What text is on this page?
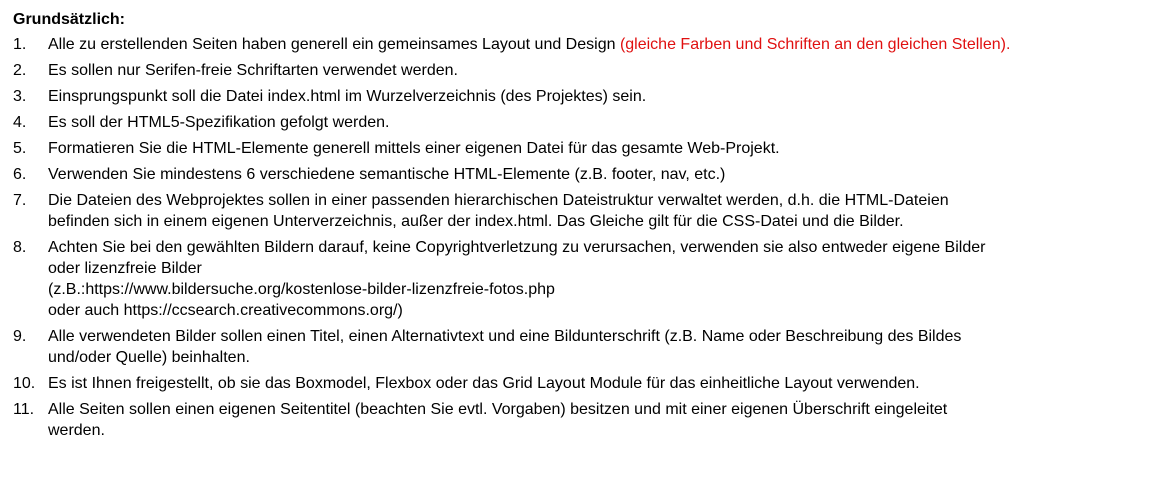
Grundsätzlich:
1. Alle zu erstellenden Seiten haben generell ein gemeinsames Layout und Design (gleiche Farben und Schriften an den gleichen Stellen).
2. Es sollen nur Serifen-freie Schriftarten verwendet werden.
3. Einsprungspunkt soll die Datei index.html im Wurzelverzeichnis (des Projektes) sein.
4. Es soll der HTML5-Spezifikation gefolgt werden.
5. Formatieren Sie die HTML-Elemente generell mittels einer eigenen Datei für das gesamte Web-Projekt.
6. Verwenden Sie mindestens 6 verschiedene semantische HTML-Elemente (z.B. footer, nav, etc.)
7. Die Dateien des Webprojektes sollen in einer passenden hierarchischen Dateistruktur verwaltet werden, d.h. die HTML-Dateien
befinden sich in einem eigenen Unterverzeichnis, außer der index.html. Das Gleiche gilt für die CSS-Datei und die Bilder.
8. Achten Sie bei den gewählten Bildern darauf, keine Copyrightverletzung zu verursachen, verwenden sie also entweder eigene Bilder
oder lizenzfreie Bilder
(z.B.:https://www.bildersuche.org/kostenlose-bilder-lizenzfreie-fotos.php
oder auch https://ccsearch.creativecommons.org/)
9. Alle verwendeten Bilder sollen einen Titel, einen Alternativtext und eine Bildunterschrift (z.B. Name oder Beschreibung des Bildes
und/oder Quelle) beinhalten.
10. Es ist Ihnen freigestellt, ob sie das Boxmodel, Flexbox oder das Grid Layout Module für das einheitliche Layout verwenden.
11. Alle Seiten sollen einen eigenen Seitentitel (beachten Sie evtl. Vorgaben) besitzen und mit einer eigenen Überschrift eingeleitet
werden.
